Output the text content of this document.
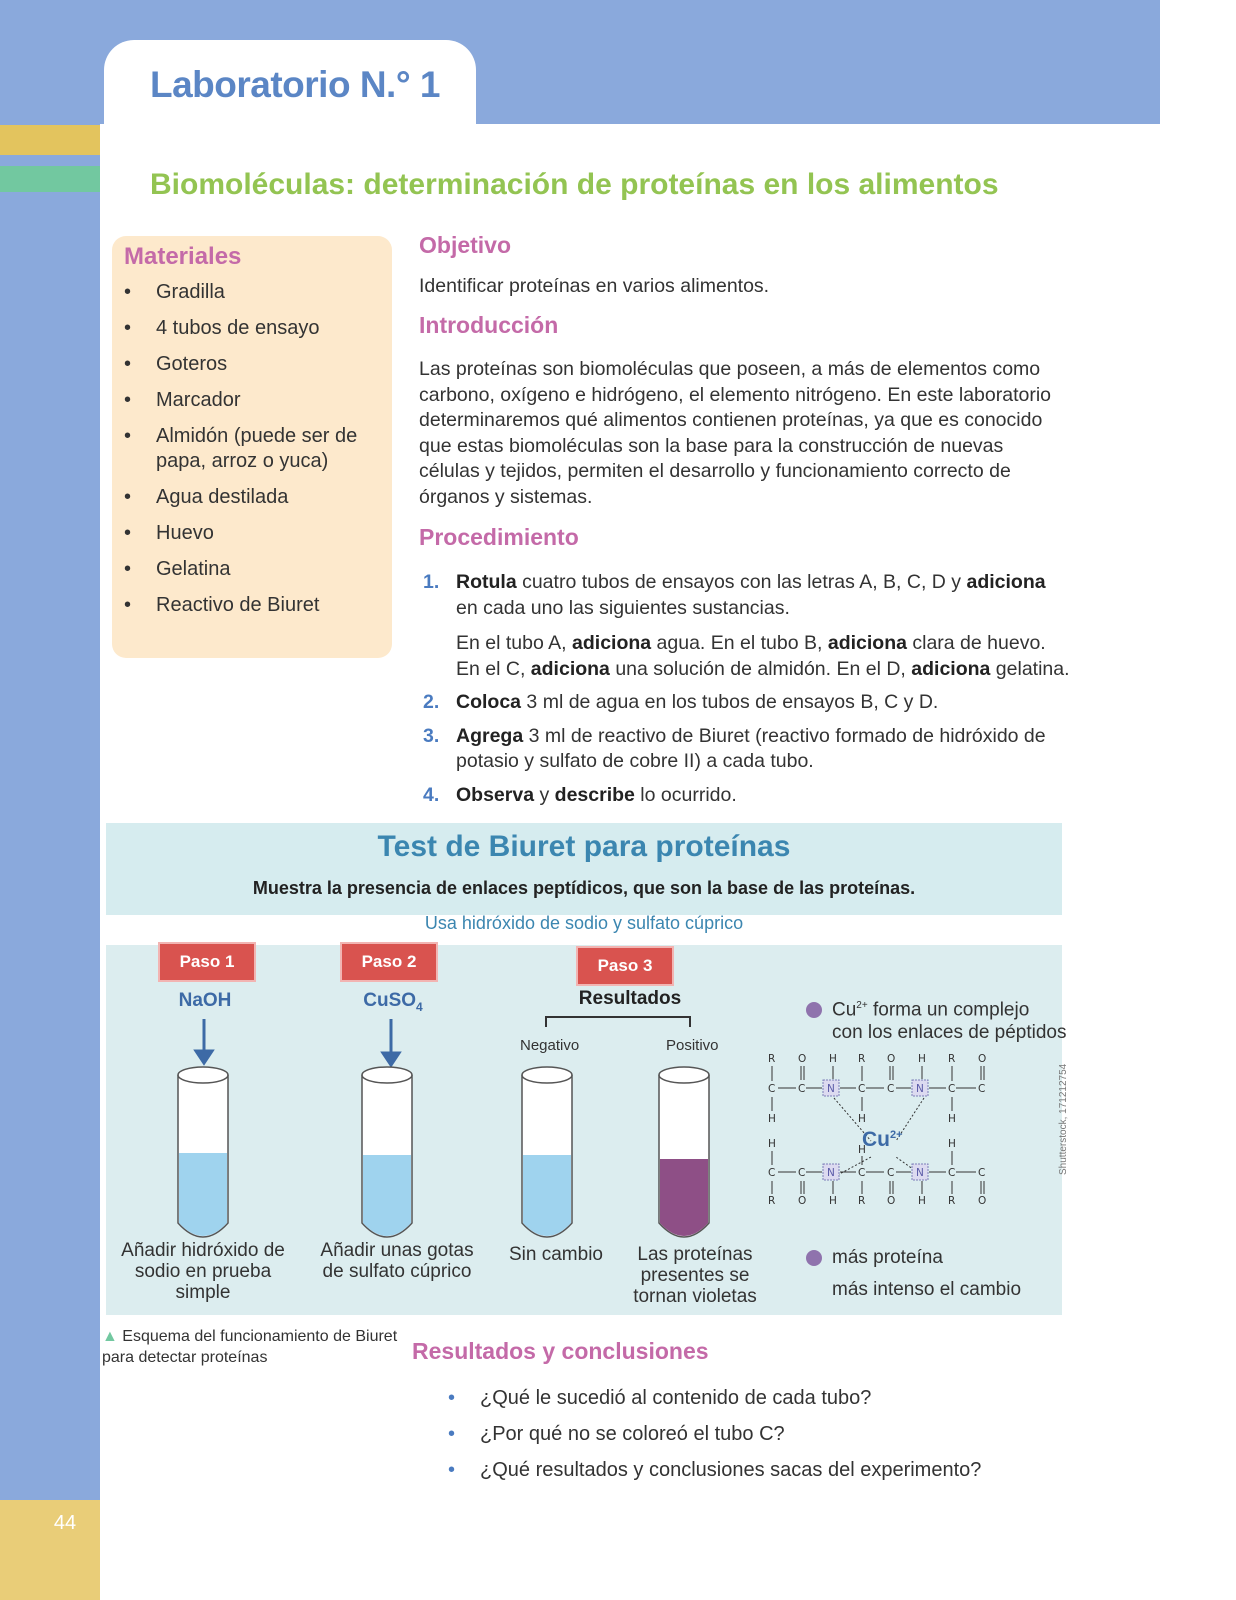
44
Laboratorio N.° 1
Biomoléculas: determinación de proteínas en los alimentos
Materiales
• Gradilla
• 4 tubos de ensayo
• Goteros
• Marcador
• Almidón (puede ser de papa, arroz o yuca)
• Agua destilada
• Huevo
• Gelatina
• Reactivo de Biuret
Objetivo
Identificar proteínas en varios alimentos.
Introducción
Las proteínas son biomoléculas que poseen, a más de elementos como carbono, oxígeno e hidrógeno, el elemento nitrógeno. En este laboratorio determinaremos qué alimentos contienen proteínas, ya que es conocido que estas biomoléculas son la base para la construcción de nuevas células y tejidos, permiten el desarrollo y funcionamiento correcto de órganos y sistemas.
Procedimiento
1. Rotula cuatro tubos de ensayos con las letras A, B, C, D y adiciona en cada uno las siguientes sustancias.
En el tubo A, adiciona agua. En el tubo B, adiciona clara de huevo. En el C, adiciona una solución de almidón. En el D, adiciona gelatina.
2. Coloca 3 ml de agua en los tubos de ensayos B, C y D.
3. Agrega 3 ml de reactivo de Biuret (reactivo formado de hidróxido de potasio y sulfato de cobre II) a cada tubo.
4. Observa y describe lo ocurrido.
Test de Biuret para proteínas
Muestra la presencia de enlaces peptídicos, que son la base de las proteínas.
Usa hidróxido de sodio y sulfato cúprico
Paso 1	Paso 2	Paso 3
NaOH	CuSO$_4$	Resultados
Negativo	Positivo
R O H R O H R O
C C	C C	C C
H	H	H
N	N
H	H
H
C C	C C	C C
R O H R O H R O
N	N
$Cu^{2+}$
$Cu^{2+}$ forma un complejo
con los enlaces de péptidos
más proteína
más intenso el cambio
Añadir hidróxido de sodio en prueba simple
Añadir unas gotas de sulfato cúprico
Sin cambio	Las proteínas presentes se tornan violetas
Shutterstock, 171212754
▲ Esquema del funcionamiento de Biuret para detectar proteínas	Resultados y conclusiones
• ¿Qué le sucedió al contenido de cada tubo?
• ¿Por qué no se coloreó el tubo C?
• ¿Qué resultados y conclusiones sacas del experimento?
